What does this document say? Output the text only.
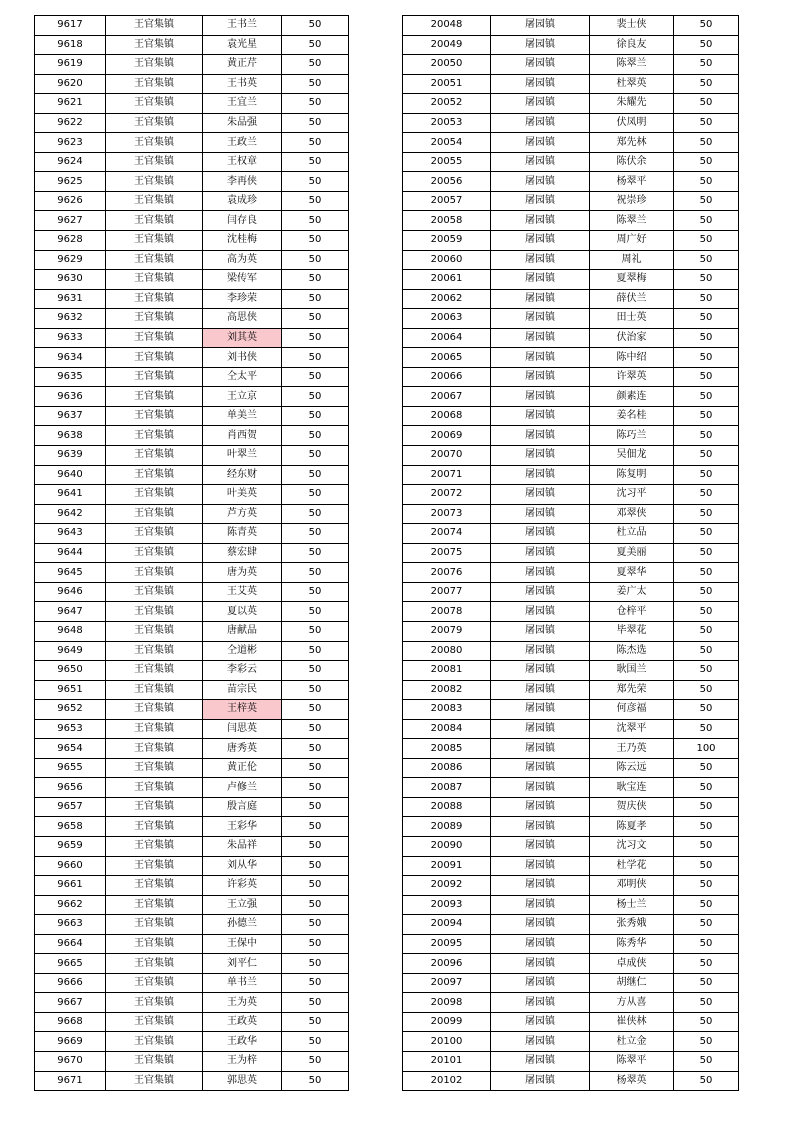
9617	王官集镇	王书兰	50
9618	王官集镇	袁光星	50
9619	王官集镇	黄正芹	50
9620	王官集镇	王书英	50
9621	王官集镇	王宜兰	50
9622	王官集镇	朱品强	50
9623	王官集镇	王政兰	50
9624	王官集镇	王权章	50
9625	王官集镇	李再侠	50
9626	王官集镇	袁成珍	50
9627	王官集镇	闫存良	50
9628	王官集镇	沈桂梅	50
9629	王官集镇	高为英	50
9630	王官集镇	梁传军	50
9631	王官集镇	李珍荣	50
9632	王官集镇	高思侠	50
9633	王官集镇	刘其英	50
9634	王官集镇	刘书侠	50
9635	王官集镇	仝太平	50
9636	王官集镇	王立京	50
9637	王官集镇	单美兰	50
9638	王官集镇	肖西贺	50
9639	王官集镇	叶翠兰	50
9640	王官集镇	经东财	50
9641	王官集镇	叶美英	50
9642	王官集镇	芦方英	50
9643	王官集镇	陈青英	50
9644	王官集镇	蔡宏肆	50
9645	王官集镇	唐为英	50
9646	王官集镇	王艾英	50
9647	王官集镇	夏以英	50
9648	王官集镇	唐献品	50
9649	王官集镇	仝道彬	50
9650	王官集镇	李彩云	50
9651	王官集镇	苗宗民	50
9652	王官集镇	王梓英	50
9653	王官集镇	闫思英	50
9654	王官集镇	唐秀英	50
9655	王官集镇	黄正伦	50
9656	王官集镇	卢修兰	50
9657	王官集镇	殷言庭	50
9658	王官集镇	王彩华	50
9659	王官集镇	朱品祥	50
9660	王官集镇	刘从华	50
9661	王官集镇	许彩英	50
9662	王官集镇	王立强	50
9663	王官集镇	孙德兰	50
9664	王官集镇	王保中	50
9665	王官集镇	刘平仁	50
9666	王官集镇	单书兰	50
9667	王官集镇	王为英	50
9668	王官集镇	王政英	50
9669	王官集镇	王政华	50
9670	王官集镇	王为梓	50
9671	王官集镇	郭思英	50
20048	屠园镇	裴士侠	50
20049	屠园镇	徐良友	50
20050	屠园镇	陈翠兰	50
20051	屠园镇	杜翠英	50
20052	屠园镇	朱耀先	50
20053	屠园镇	伏凤明	50
20054	屠园镇	郑先林	50
20055	屠园镇	陈伏余	50
20056	屠园镇	杨翠平	50
20057	屠园镇	祝崇珍	50
20058	屠园镇	陈翠兰	50
20059	屠园镇	周广好	50
20060	屠园镇	周礼	50
20061	屠园镇	夏翠梅	50
20062	屠园镇	薛伏兰	50
20063	屠园镇	田士英	50
20064	屠园镇	伏治家	50
20065	屠园镇	陈中绍	50
20066	屠园镇	许翠英	50
20067	屠园镇	颜素连	50
20068	屠园镇	姜名桂	50
20069	屠园镇	陈巧兰	50
20070	屠园镇	吴佃龙	50
20071	屠园镇	陈复明	50
20072	屠园镇	沈习平	50
20073	屠园镇	邓翠侠	50
20074	屠园镇	杜立品	50
20075	屠园镇	夏美丽	50
20076	屠园镇	夏翠华	50
20077	屠园镇	姜广太	50
20078	屠园镇	仓梓平	50
20079	屠园镇	毕翠花	50
20080	屠园镇	陈杰选	50
20081	屠园镇	耿国兰	50
20082	屠园镇	郑先荣	50
20083	屠园镇	何彦福	50
20084	屠园镇	沈翠平	50
20085	屠园镇	王乃英	100
20086	屠园镇	陈云远	50
20087	屠园镇	耿宝连	50
20088	屠园镇	贺庆侠	50
20089	屠园镇	陈夏孝	50
20090	屠园镇	沈习文	50
20091	屠园镇	杜学花	50
20092	屠园镇	邓明侠	50
20093	屠园镇	杨士兰	50
20094	屠园镇	张秀娥	50
20095	屠园镇	陈秀华	50
20096	屠园镇	卓成侠	50
20097	屠园镇	胡继仁	50
20098	屠园镇	方从喜	50
20099	屠园镇	崔侠林	50
20100	屠园镇	杜立金	50
20101	屠园镇	陈翠平	50
20102	屠园镇	杨翠英	50
